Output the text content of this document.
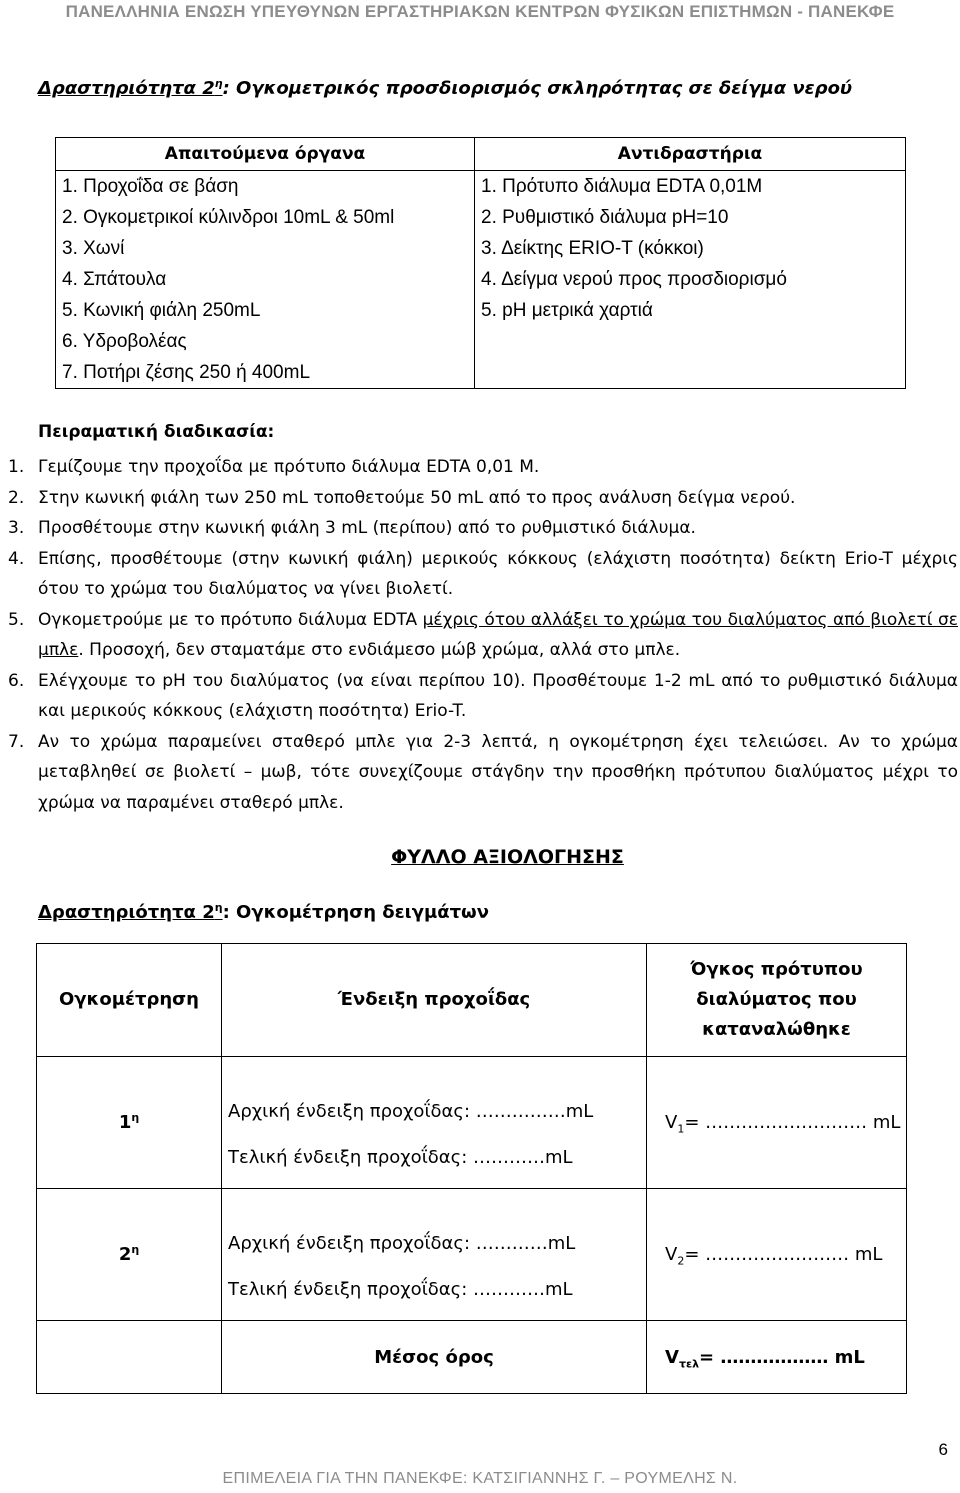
ΠΑΝΕΛΛΗΝΙΑ ΕΝΩΣΗ ΥΠΕΥΘΥΝΩΝ ΕΡΓΑΣΤΗΡΙΑΚΩΝ ΚΕΝΤΡΩΝ ΦΥΣΙΚΩΝ ΕΠΙΣΤΗΜΩΝ - ΠΑΝΕΚΦΕ
Δραστηριότητα $2^\eta$: Ογκομετρικός προσδιορισμός σκληρότητας σε δείγμα νερού
Απαιτούμενα όργανα	Αντιδραστήρια
1. Προχοΐδα σε βάση	1. Πρότυπο διάλυμα EDTA 0,01M
2. Ογκομετρικοί κύλινδροι 10mL & 50ml	2. Ρυθμιστικό διάλυμα pH=10
3. Χωνί	3. Δείκτης ERIO-T (κόκκοι)
4. Σπάτουλα	4. Δείγμα νερού προς προσδιορισμό
5. Κωνική φιάλη 250mL	5. pH μετρικά χαρτιά
6. Υδροβολέας	
7. Ποτήρι ζέσης 250 ή 400mL	
Πειραματική διαδικασία:
1. Γεμίζουμε την προχοΐδα με πρότυπο διάλυμα EDTA 0,01 M.
2. Στην κωνική φιάλη των 250 mL τοποθετούμε 50 mL από το προς ανάλυση δείγμα νερού.
3. Προσθέτουμε στην κωνική φιάλη 3 mL (περίπου) από το ρυθμιστικό διάλυμα.
4. Επίσης, προσθέτουμε (στην κωνική φιάλη) μερικούς κόκκους (ελάχιστη ποσότητα) δείκτη Erio-T μέχρις ότου το χρώμα του διαλύματος να γίνει βιολετί.
5. Ογκομετρούμε με το πρότυπο διάλυμα EDTA μέχρις ότου αλλάξει το χρώμα του διαλύματος από βιολετί σε μπλε. Προσοχή, δεν σταματάμε στο ενδιάμεσο μώβ χρώμα, αλλά στο μπλε.
6. Ελέγχουμε το pH του διαλύματος (να είναι περίπου 10). Προσθέτουμε 1-2 mL από το ρυθμιστικό διάλυμα και μερικούς κόκκους (ελάχιστη ποσότητα) Erio-T.
7. Αν το χρώμα παραμείνει σταθερό μπλε για 2-3 λεπτά, η ογκομέτρηση έχει τελειώσει. Αν το χρώμα μεταβληθεί σε βιολετί – μωβ, τότε συνεχίζουμε στάγδην την προσθήκη πρότυπου διαλύματος μέχρι το χρώμα να παραμένει σταθερό μπλε.
ΦΥΛΛΟ ΑΞΙΟΛΟΓΗΣΗΣ
Δραστηριότητα $2^\eta$: Ογκομέτρηση δειγμάτων
Ογκομέτρηση	Ένδειξη προχοΐδας	Όγκος πρότυπου διαλύματος που καταναλώθηκε
$1^\eta$	Αρχική ένδειξη προχοΐδας: ……………mL	$V_1=$ ……………………… mL
	Τελική ένδειξη προχοΐδας: …………mL	
$2^\eta$	Αρχική ένδειξη προχοΐδας: …………mL	$V_2=$ …………………… mL
	Τελική ένδειξη προχοΐδας: …………mL	
	Μέσος όρος	$V_{\tau\varepsilon\lambda}=$ ……………… mL
6
ΕΠΙΜΕΛΕΙΑ ΓΙΑ ΤΗΝ ΠΑΝΕΚΦΕ: ΚΑΤΣΙΓΙΑΝΝΗΣ Γ. – ΡΟΥΜΕΛΗΣ Ν.
